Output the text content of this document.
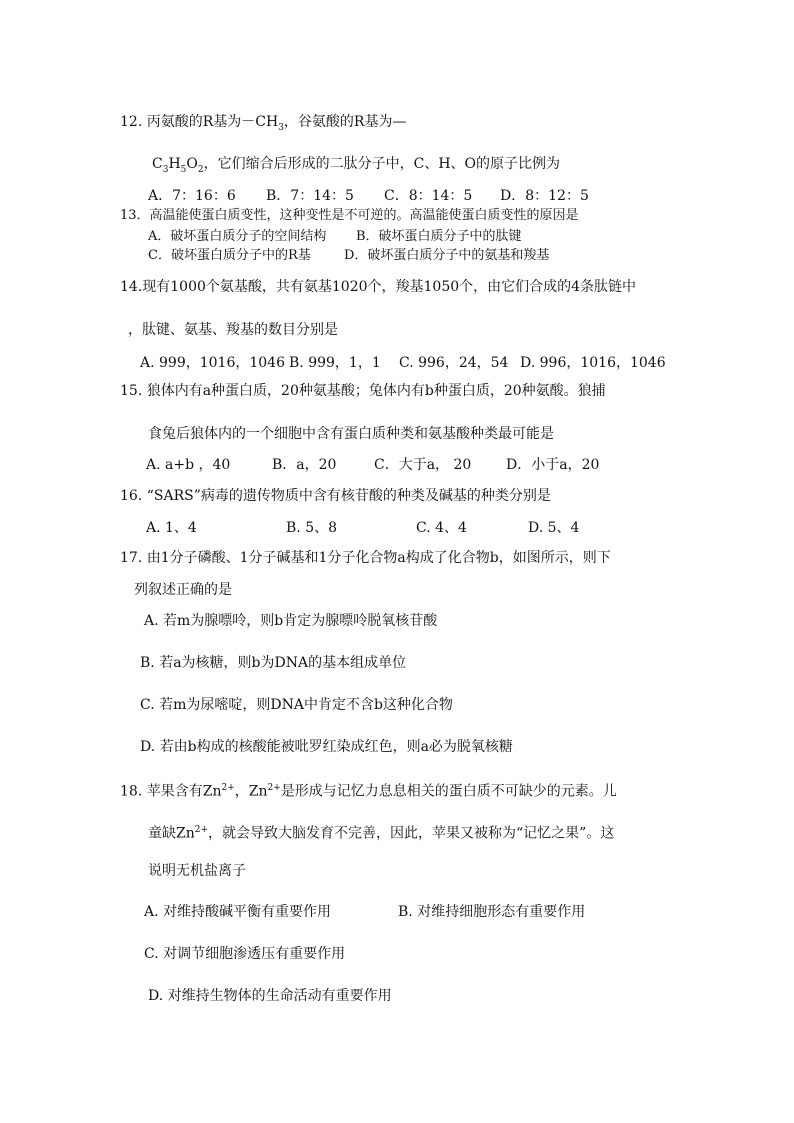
12. 丙氨酸的R基为$-CH_3$，谷氨酸的R基为—
$C_3H_5O_2$，它们缩合后形成的二肽分子中，C、H、O的原子比例为
A．7：16：6 B．7：14：5 C．8：14：5 D．8：12：5
13．高温能使蛋白质变性，这种变性是不可逆的。高温能使蛋白质变性的原因是
A．破坏蛋白质分子的空间结构 B．破坏蛋白质分子中的肽键
C．破坏蛋白质分子中的R基	D．破坏蛋白质分子中的氨基和羧基
14.现有1000个氨基酸，共有氨基1020个，羧基1050个，由它们合成的4条肽链中
，肽键、氨基、羧基的数目分别是
A. 999，1016，1046 B. 999，1，1 C. 996，24，54 D. 996，1016，1046
15. 狼体内有a种蛋白质，20种氨基酸；兔体内有b种蛋白质，20种氨酸。狼捕
食兔后狼体内的一个细胞中含有蛋白质种类和氨基酸种类最可能是
A. a+b ，40	B．a，20	C．大于a， 20 D．小于a，20
16. “SARS”病毒的遗传物质中含有核苷酸的种类及碱基的种类分别是
A. 1、4	B. 5、8	C. 4、4	D. 5、4
17. 由1分子磷酸、1分子碱基和1分子化合物a构成了化合物b，如图所示，则下
列叙述正确的是
A. 若m为腺嘌呤，则b肯定为腺嘌呤脱氧核苷酸
B. 若a为核糖，则b为DNA的基本组成单位
C. 若m为尿嘧啶，则DNA中肯定不含b这种化合物
D. 若由b构成的核酸能被吡罗红染成红色，则a必为脱氧核糖
18. 苹果含有$Zn^{2+}$，$Zn^{2+}$是形成与记忆力息息相关的蛋白质不可缺少的元素。儿
童缺$Zn^{2+}$，就会导致大脑发育不完善，因此，苹果又被称为“记忆之果”。这
说明无机盐离子
A. 对维持酸碱平衡有重要作用	B. 对维持细胞形态有重要作用
C. 对调节细胞渗透压有重要作用
D. 对维持生物体的生命活动有重要作用
